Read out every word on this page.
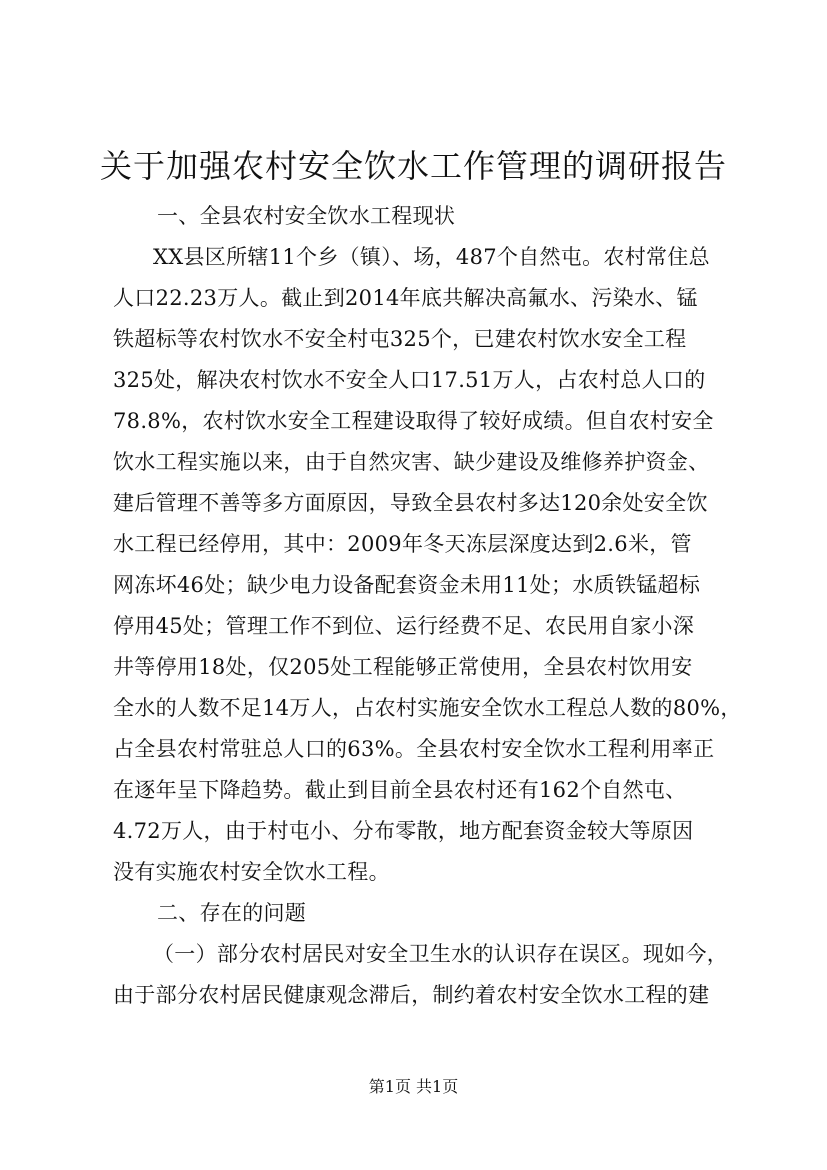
关于加强农村安全饮水工作管理的调研报告
一、全县农村安全饮水工程现状
XX县区所辖11个乡（镇）、场，487个自然屯。农村常住总
人口22.23万人。截止到2014年底共解决高氟水、污染水、锰
铁超标等农村饮水不安全村屯325个，已建农村饮水安全工程
325处，解决农村饮水不安全人口17.51万人，占农村总人口的
78.8%，农村饮水安全工程建设取得了较好成绩。但自农村安全
饮水工程实施以来，由于自然灾害、缺少建设及维修养护资金、
建后管理不善等多方面原因，导致全县农村多达120余处安全饮
水工程已经停用，其中：2009年冬天冻层深度达到2.6米，管
网冻坏46处；缺少电力设备配套资金未用11处；水质铁锰超标
停用45处；管理工作不到位、运行经费不足、农民用自家小深
井等停用18处，仅205处工程能够正常使用，全县农村饮用安
全水的人数不足14万人，占农村实施安全饮水工程总人数的80%，
占全县农村常驻总人口的63%。全县农村安全饮水工程利用率正
在逐年呈下降趋势。截止到目前全县农村还有162个自然屯、
4.72万人，由于村屯小、分布零散，地方配套资金较大等原因
没有实施农村安全饮水工程。
二、存在的问题
（一）部分农村居民对安全卫生水的认识存在误区。现如今，
由于部分农村居民健康观念滞后，制约着农村安全饮水工程的建
第1页 共1页
